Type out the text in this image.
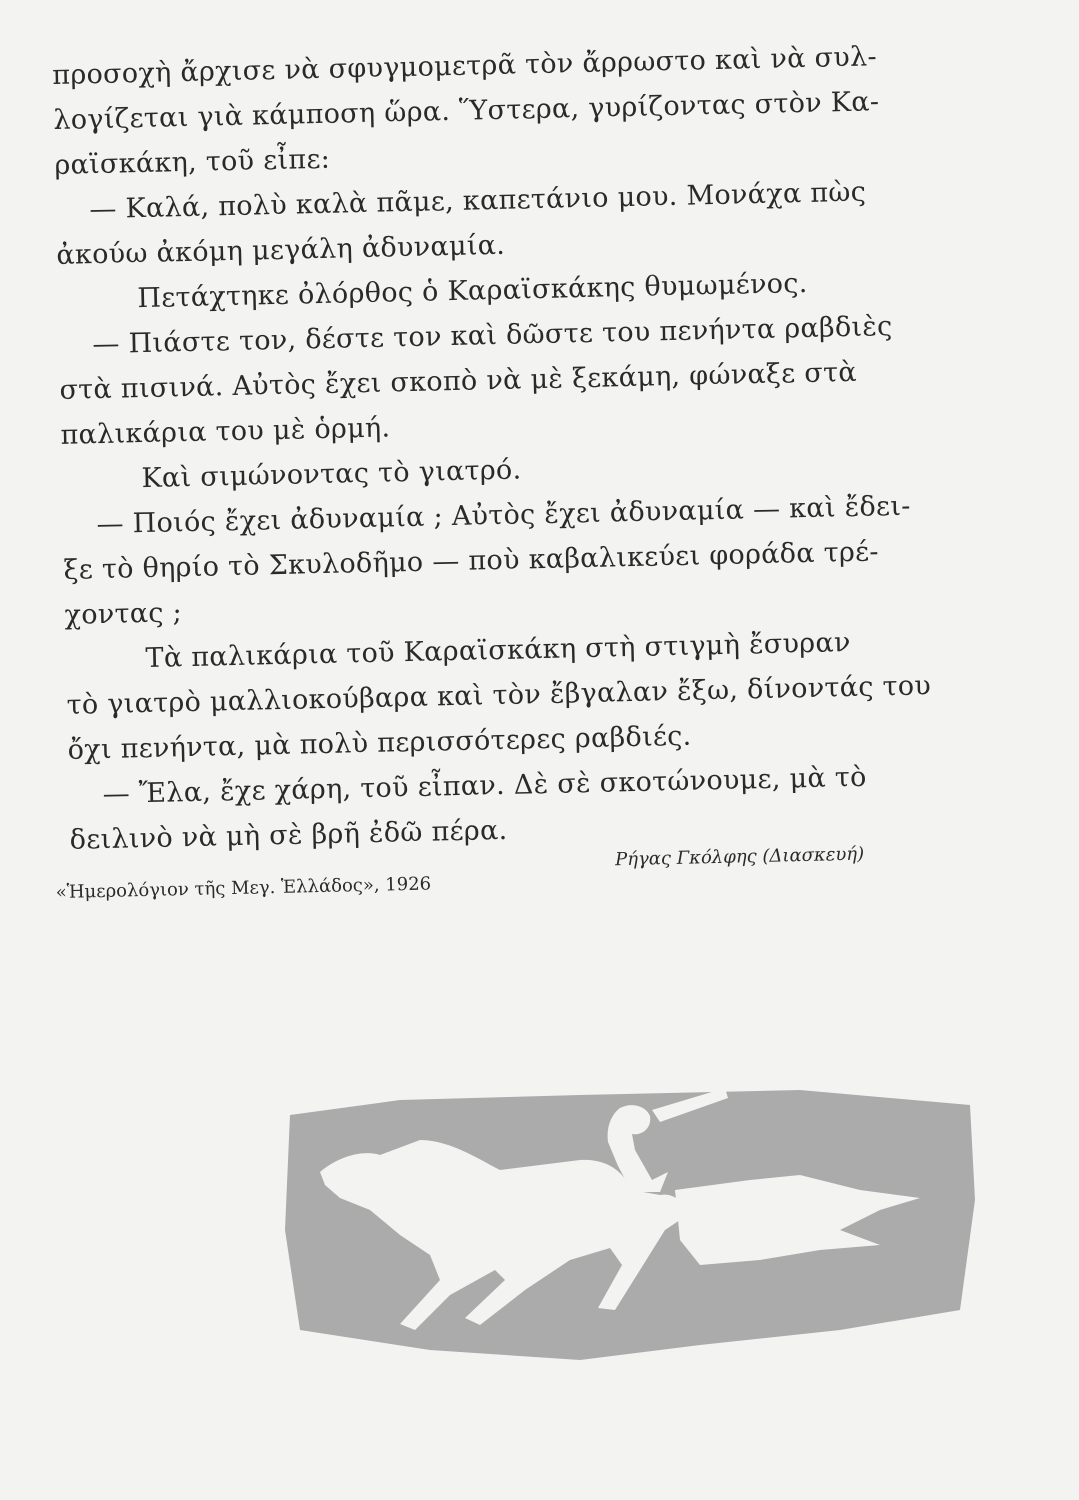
προσοχὴ ἄρχισε νὰ σφυγμομετρᾶ τὸν ἄρρωστο καὶ νὰ συλ-
λογίζεται γιὰ κάμποση ὥρα. Ὕστερα, γυρίζοντας στὸν Κα-
ραϊσκάκη, τοῦ εἶπε:
— Καλά, πολὺ καλὰ πᾶμε, καπετάνιο μου. Μονάχα πὼς
ἀκούω ἀκόμη μεγάλη ἀδυναμία.
Πετάχτηκε ὀλόρθος ὁ Καραϊσκάκης θυμωμένος.
— Πιάστε τον, δέστε τον καὶ δῶστε του πενήντα ραβδιὲς
στὰ πισινά. Αὐτὸς ἔχει σκοπὸ νὰ μὲ ξεκάμη, φώναξε στὰ
παλικάρια του μὲ ὁρμή.
Καὶ σιμώνοντας τὸ γιατρό.
— Ποιός ἔχει ἀδυναμία ; Αὐτὸς ἔχει ἀδυναμία — καὶ ἔδει-
ξε τὸ θηρίο τὸ Σκυλοδῆμο — ποὺ καβαλικεύει φοράδα τρέ-
χοντας ;
Τὰ παλικάρια τοῦ Καραϊσκάκη στὴ στιγμὴ ἔσυραν
τὸ γιατρὸ μαλλιοκούβαρα καὶ τὸν ἔβγαλαν ἔξω, δίνοντάς του
ὄχι πενήντα, μὰ πολὺ περισσότερες ραβδιές.
— Ἔλα, ἔχε χάρη, τοῦ εἶπαν. Δὲ σὲ σκοτώνουμε, μὰ τὸ
δειλινὸ νὰ μὴ σὲ βρῆ ἐδῶ πέρα.
Ρήγας Γκόλφης (Διασκευή)
«Ἡμερολόγιον τῆς Μεγ. Ἑλλάδος», 1926
